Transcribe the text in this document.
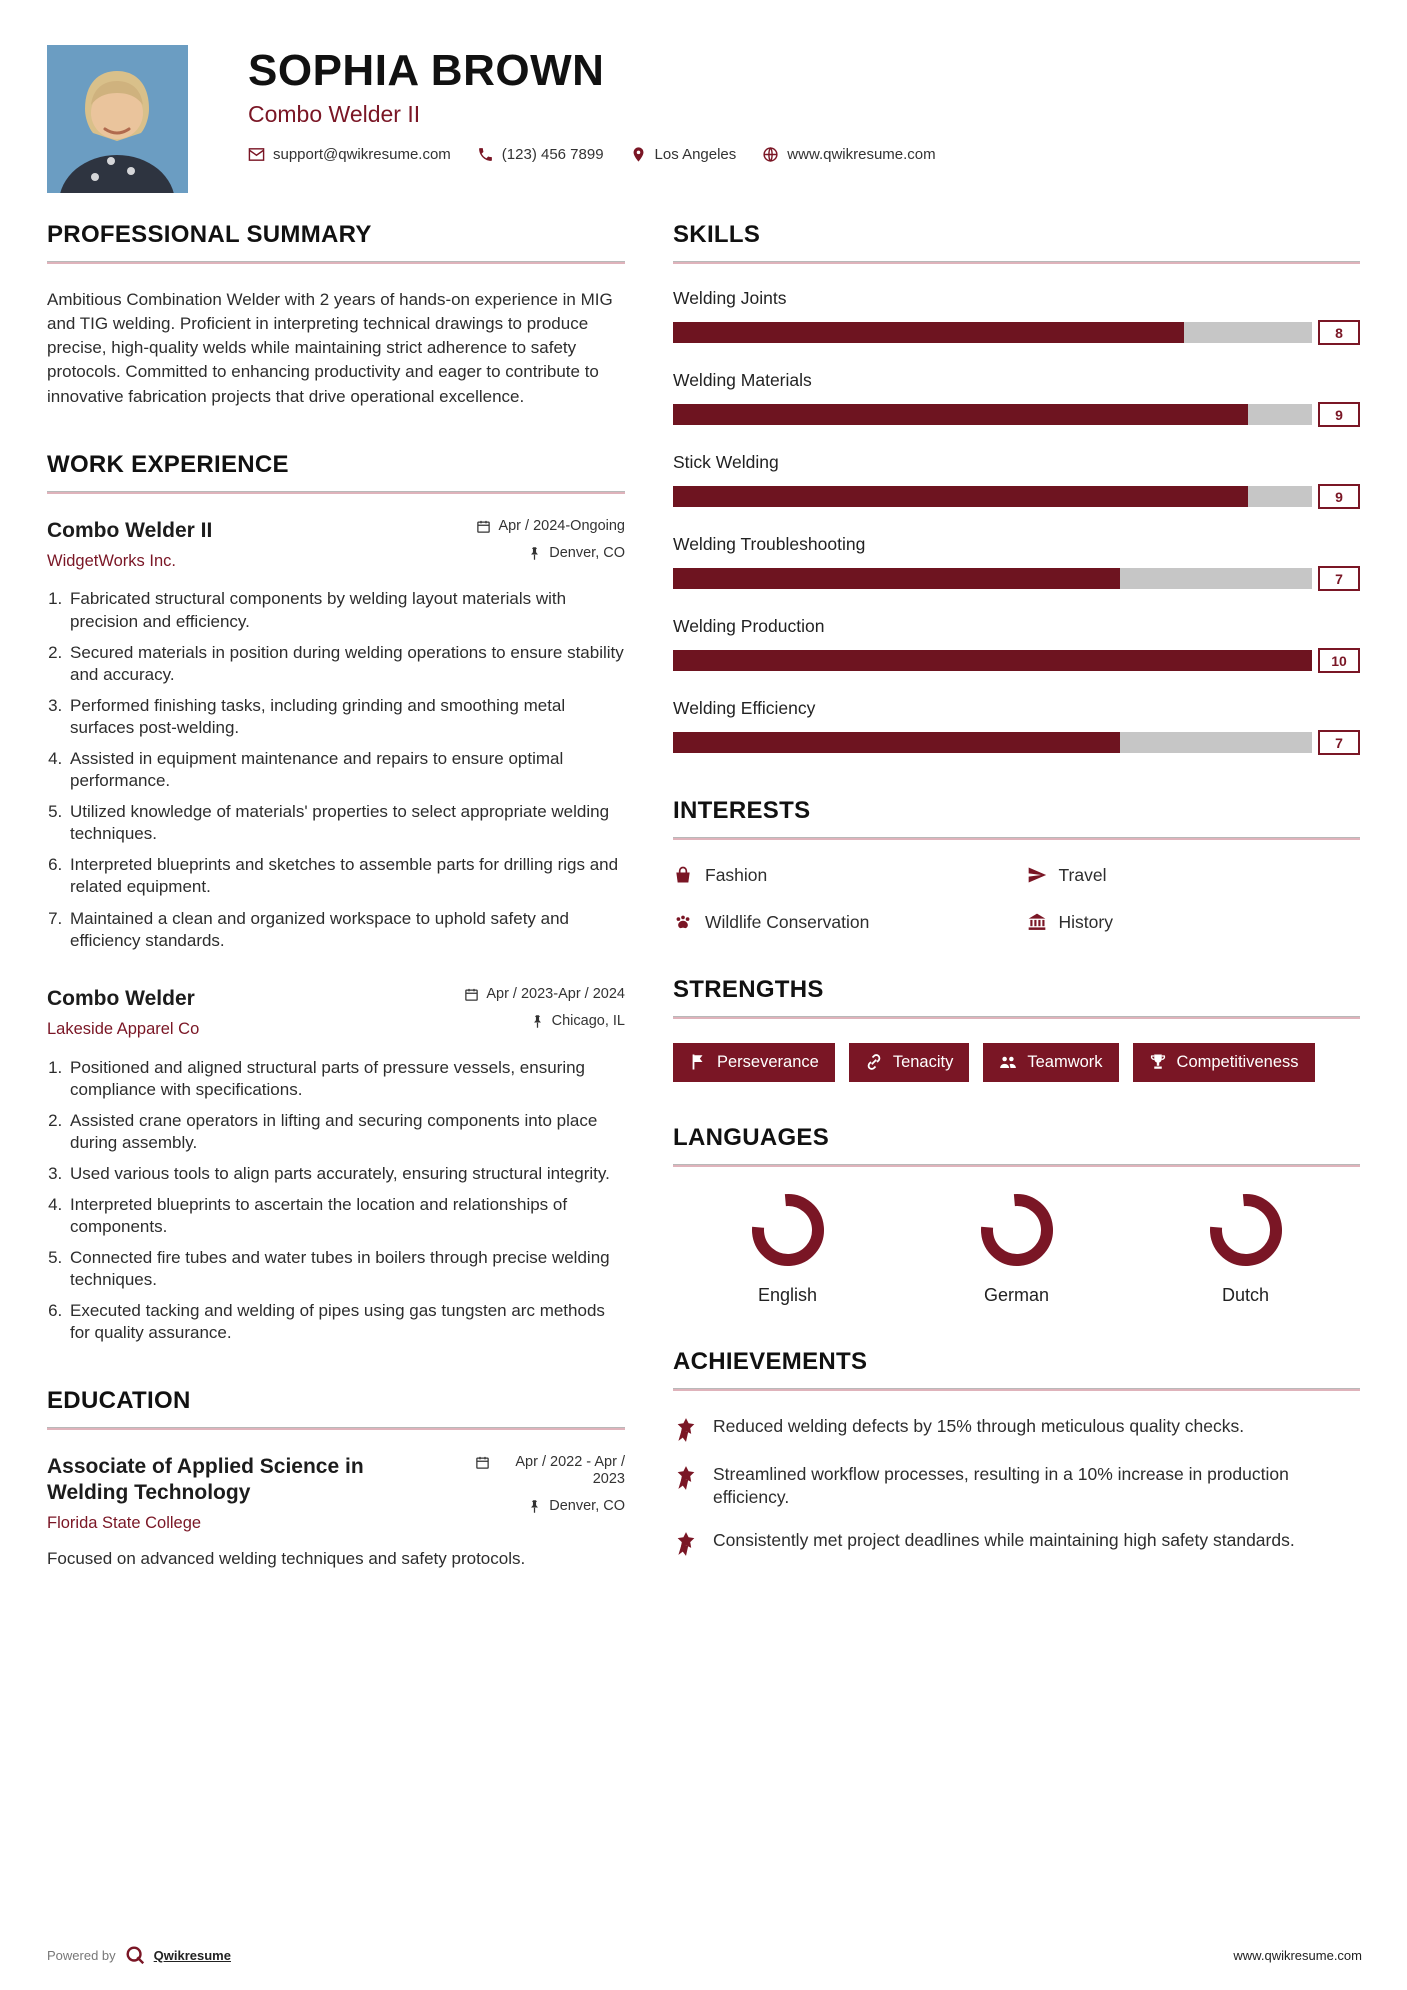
SOPHIA BROWN
Combo Welder II
support@qwikresume.com	(123) 456 7899	Los Angeles	www.qwikresume.com
PROFESSIONAL SUMMARY

Ambitious Combination Welder with 2 years of hands-on experience in MIG and TIG welding. Proficient in interpreting technical drawings to produce precise, high-quality welds while maintaining strict adherence to safety protocols. Committed to enhancing productivity and eager to contribute to innovative fabrication projects that drive operational excellence.

WORK EXPERIENCE
Combo Welder II
WidgetWorks Inc.
Apr / 2024-Ongoing
Denver, CO
1. Fabricated structural components by welding layout materials with precision and efficiency.
2. Secured materials in position during welding operations to ensure stability and accuracy.
3. Performed finishing tasks, including grinding and smoothing metal surfaces post-welding.
4. Assisted in equipment maintenance and repairs to ensure optimal performance.
5. Utilized knowledge of materials' properties to select appropriate welding techniques.
6. Interpreted blueprints and sketches to assemble parts for drilling rigs and related equipment.
7. Maintained a clean and organized workspace to uphold safety and efficiency standards.
Combo Welder
Lakeside Apparel Co
Apr / 2023-Apr / 2024
Chicago, IL
1. Positioned and aligned structural parts of pressure vessels, ensuring compliance with specifications.
2. Assisted crane operators in lifting and securing components into place during assembly.
3. Used various tools to align parts accurately, ensuring structural integrity.
4. Interpreted blueprints to ascertain the location and relationships of components.
5. Connected fire tubes and water tubes in boilers through precise welding techniques.
6. Executed tacking and welding of pipes using gas tungsten arc methods for quality assurance.
EDUCATION
Associate of Applied Science in Welding Technology
Florida State College
Apr / 2022 - Apr / 2023
Denver, CO

Focused on advanced welding techniques and safety protocols.

SKILLS
Welding Joints
8
Welding Materials
9
Stick Welding
9
Welding Troubleshooting
7
Welding Production
10
Welding Efficiency
7
INTERESTS
Fashion	Travel
Wildlife Conservation	History
STRENGTHS
Perseverance	Tenacity	Teamwork	Competitiveness
LANGUAGES
English	German	Dutch
ACHIEVEMENTS
Reduced welding defects by 15% through meticulous quality checks.
Streamlined workflow processes, resulting in a 10% increase in production efficiency.
Consistently met project deadlines while maintaining high safety standards.
Powered by	Qwikresume	www.qwikresume.com
